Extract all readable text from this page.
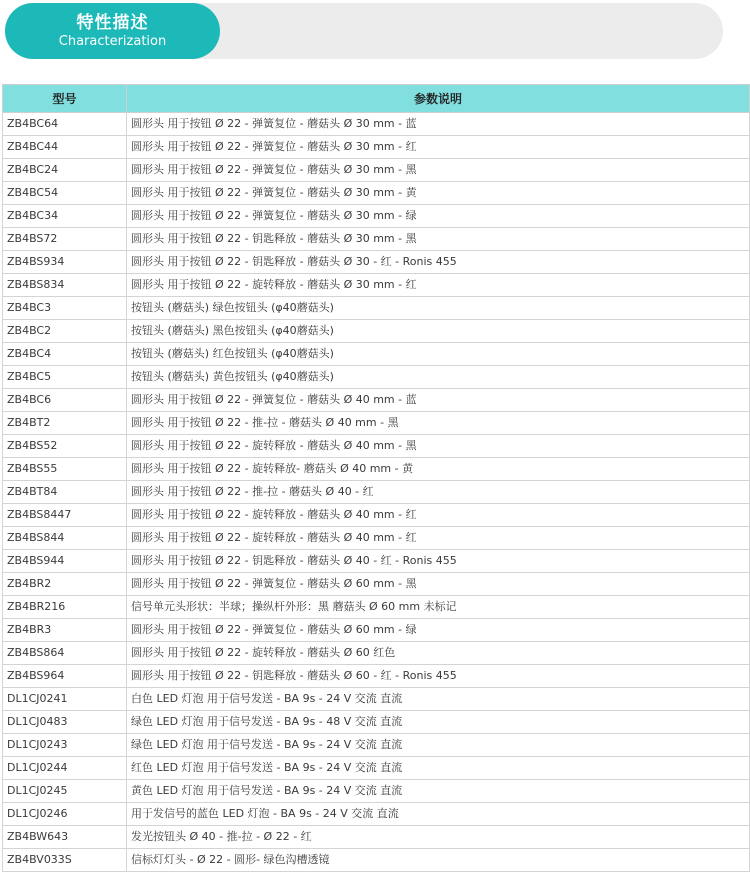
特性描述
Characterization
型号	参数说明
ZB4BC64	圆形头 用于按钮 Ø 22 - 弹簧复位 - 蘑菇头 Ø 30 mm - 蓝
ZB4BC44	圆形头 用于按钮 Ø 22 - 弹簧复位 - 蘑菇头 Ø 30 mm - 红
ZB4BC24	圆形头 用于按钮 Ø 22 - 弹簧复位 - 蘑菇头 Ø 30 mm - 黑
ZB4BC54	圆形头 用于按钮 Ø 22 - 弹簧复位 - 蘑菇头 Ø 30 mm - 黄
ZB4BC34	圆形头 用于按钮 Ø 22 - 弹簧复位 - 蘑菇头 Ø 30 mm - 绿
ZB4BS72	圆形头 用于按钮 Ø 22 - 钥匙释放 - 蘑菇头 Ø 30 mm - 黑
ZB4BS934	圆形头 用于按钮 Ø 22 - 钥匙释放 - 蘑菇头 Ø 30 - 红 - Ronis 455
ZB4BS834	圆形头 用于按钮 Ø 22 - 旋转释放 - 蘑菇头 Ø 30 mm - 红
ZB4BC3	按钮头 (蘑菇头) 绿色按钮头 (φ40蘑菇头)
ZB4BC2	按钮头 (蘑菇头) 黑色按钮头 (φ40蘑菇头)
ZB4BC4	按钮头 (蘑菇头) 红色按钮头 (φ40蘑菇头)
ZB4BC5	按钮头 (蘑菇头) 黄色按钮头 (φ40蘑菇头)
ZB4BC6	圆形头 用于按钮 Ø 22 - 弹簧复位 - 蘑菇头 Ø 40 mm - 蓝
ZB4BT2	圆形头 用于按钮 Ø 22 - 推-拉 - 蘑菇头 Ø 40 mm - 黑
ZB4BS52	圆形头 用于按钮 Ø 22 - 旋转释放 - 蘑菇头 Ø 40 mm - 黑
ZB4BS55	圆形头 用于按钮 Ø 22 - 旋转释放- 蘑菇头 Ø 40 mm - 黄
ZB4BT84	圆形头 用于按钮 Ø 22 - 推-拉 - 蘑菇头 Ø 40 - 红
ZB4BS8447	圆形头 用于按钮 Ø 22 - 旋转释放 - 蘑菇头 Ø 40 mm - 红
ZB4BS844	圆形头 用于按钮 Ø 22 - 旋转释放 - 蘑菇头 Ø 40 mm - 红
ZB4BS944	圆形头 用于按钮 Ø 22 - 钥匙释放 - 蘑菇头 Ø 40 - 红 - Ronis 455
ZB4BR2	圆形头 用于按钮 Ø 22 - 弹簧复位 - 蘑菇头 Ø 60 mm - 黑
ZB4BR216	信号单元头形状：半球；操纵杆外形：黑 蘑菇头 Ø 60 mm 未标记
ZB4BR3	圆形头 用于按钮 Ø 22 - 弹簧复位 - 蘑菇头 Ø 60 mm - 绿
ZB4BS864	圆形头 用于按钮 Ø 22 - 旋转释放 - 蘑菇头 Ø 60 红色
ZB4BS964	圆形头 用于按钮 Ø 22 - 钥匙释放 - 蘑菇头 Ø 60 - 红 - Ronis 455
DL1CJ0241	白色 LED 灯泡 用于信号发送 - BA 9s - 24 V 交流 直流
DL1CJ0483	绿色 LED 灯泡 用于信号发送 - BA 9s - 48 V 交流 直流
DL1CJ0243	绿色 LED 灯泡 用于信号发送 - BA 9s - 24 V 交流 直流
DL1CJ0244	红色 LED 灯泡 用于信号发送 - BA 9s - 24 V 交流 直流
DL1CJ0245	黄色 LED 灯泡 用于信号发送 - BA 9s - 24 V 交流 直流
DL1CJ0246	用于发信号的蓝色 LED 灯泡 - BA 9s - 24 V 交流 直流
ZB4BW643	发光按钮头 Ø 40 - 推-拉 - Ø 22 - 红
ZB4BV033S	信标灯灯头 - Ø 22 - 圆形- 绿色沟槽透镜
